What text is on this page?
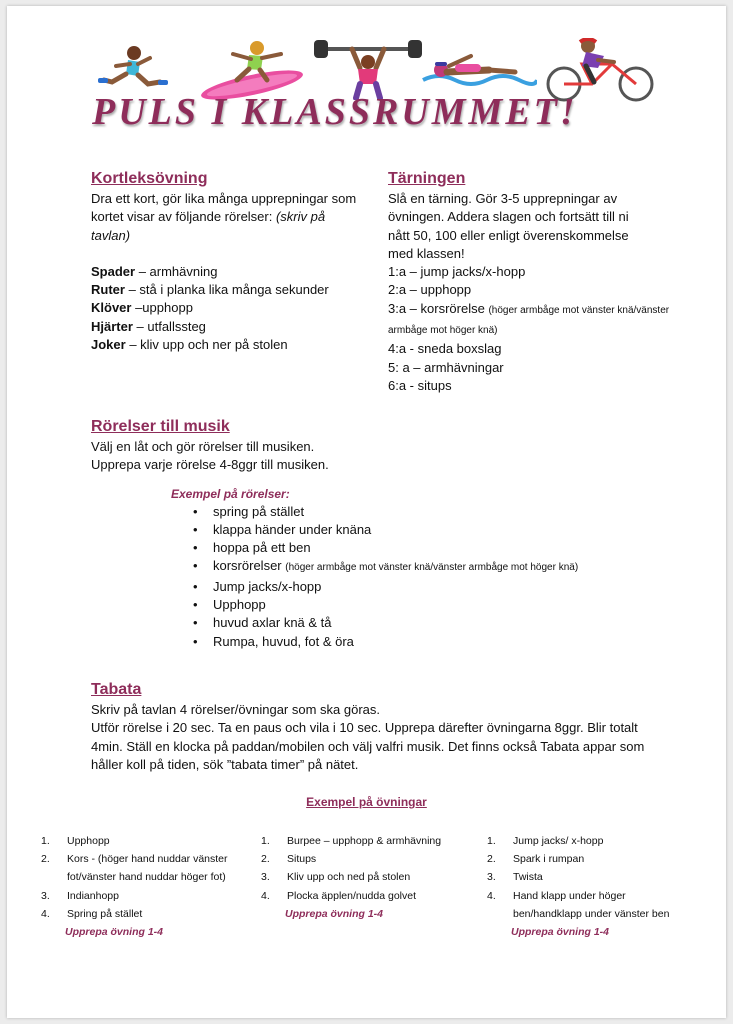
PULS I KLASSRUMMET!
Kortleksövning
Dra ett kort, gör lika många upprepningar som kortet visar av följande rörelser: (skriv på tavlan)
Spader – armhävning
Ruter – stå i planka lika många sekunder
Klöver –upphopp
Hjärter – utfallssteg
Joker – kliv upp och ner på stolen
Tärningen
Slå en tärning. Gör 3-5 upprepningar av övningen. Addera slagen och fortsätt till ni nått 50, 100 eller enligt överenskommelse med klassen!
1:a – jump jacks/x-hopp
2:a – upphopp
3:a – korsrörelse (höger armbåge mot vänster knä/vänster armbåge mot höger knä)
4:a - sneda boxslag
5: a – armhävningar
6:a - situps
Rörelser till musik
Välj en låt och gör rörelser till musiken.
Upprepa varje rörelse 4-8ggr till musiken.
Exempel på rörelser:
• spring på stället
• klappa händer under knäna
• hoppa på ett ben
• korsrörelser (höger armbåge mot vänster knä/vänster armbåge mot höger knä)
• Jump jacks/x-hopp
• Upphopp
• huvud axlar knä & tå
• Rumpa, huvud, fot & öra
Tabata
Skriv på tavlan 4 rörelser/övningar som ska göras.
Utför rörelse i 20 sec. Ta en paus och vila i 10 sec. Upprepa därefter övningarna 8ggr. Blir totalt 4min. Ställ en klocka på paddan/mobilen och välj valfri musik. Det finns också Tabata appar som håller koll på tiden, sök ”tabata timer” på nätet.
Exempel på övningar
1. Upphopp
2. Kors - (höger hand nuddar vänster fot/vänster hand nuddar höger fot)
3. Indianhopp
4. Spring på stället
Upprepa övning 1-4
1. Burpee – upphopp & armhävning
2. Situps
3. Kliv upp och ned på stolen
4. Plocka äpplen/nudda golvet
Upprepa övning 1-4
1. Jump jacks/ x-hopp
2. Spark i rumpan
3. Twista
4. Hand klapp under höger ben/handklapp under vänster ben
Upprepa övning 1-4
